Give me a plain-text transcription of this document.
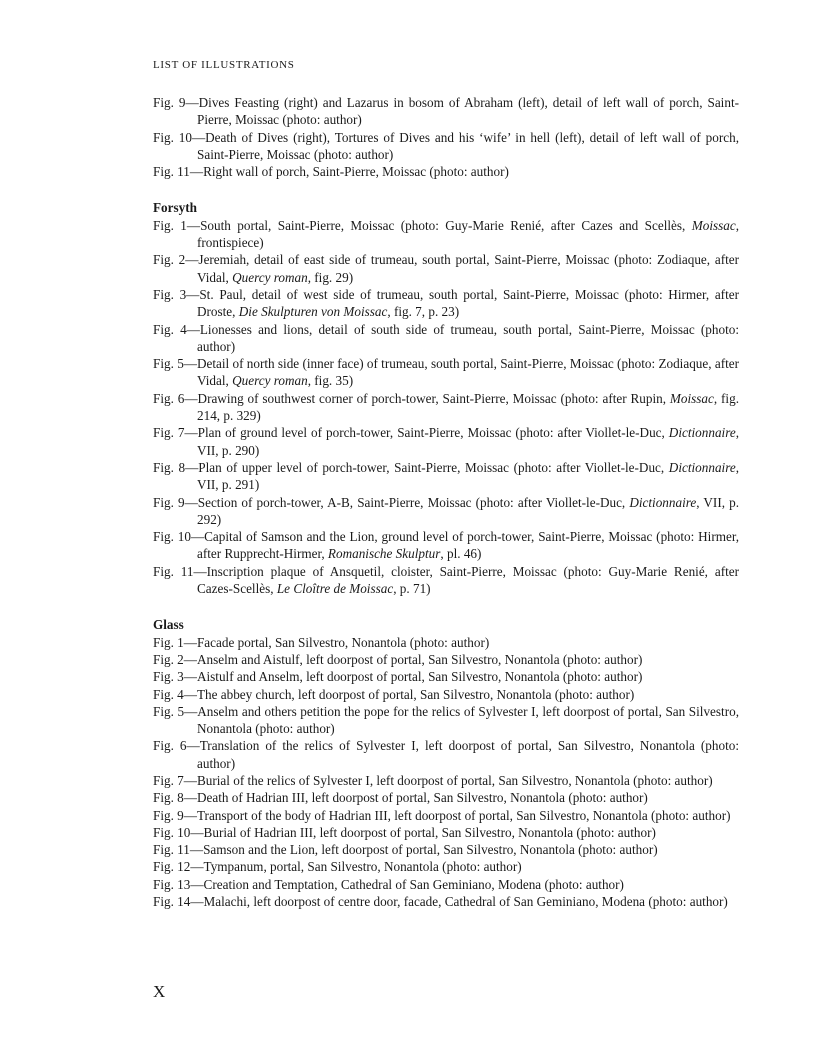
LIST OF ILLUSTRATIONS

Fig. 9—Dives Feasting (right) and Lazarus in bosom of Abraham (left), detail of left wall of porch, Saint-Pierre, Moissac (photo: author)

Fig. 10—Death of Dives (right), Tortures of Dives and his ‘wife’ in hell (left), detail of left wall of porch, Saint-Pierre, Moissac (photo: author)

Fig. 11—Right wall of porch, Saint-Pierre, Moissac (photo: author)

Forsyth

Fig. 1—South portal, Saint-Pierre, Moissac (photo: Guy-Marie Renié, after Cazes and Scellès, Moissac, frontispiece)

Fig. 2—Jeremiah, detail of east side of trumeau, south portal, Saint-Pierre, Moissac (photo: Zodiaque, after Vidal, Quercy roman, fig. 29)

Fig. 3—St. Paul, detail of west side of trumeau, south portal, Saint-Pierre, Moissac (photo: Hirmer, after Droste, Die Skulpturen von Moissac, fig. 7, p. 23)

Fig. 4—Lionesses and lions, detail of south side of trumeau, south portal, Saint-Pierre, Moissac (photo: author)

Fig. 5—Detail of north side (inner face) of trumeau, south portal, Saint-Pierre, Moissac (photo: Zodiaque, after Vidal, Quercy roman, fig. 35)

Fig. 6—Drawing of southwest corner of porch-tower, Saint-Pierre, Moissac (photo: after Rupin, Moissac, fig. 214, p. 329)

Fig. 7—Plan of ground level of porch-tower, Saint-Pierre, Moissac (photo: after Viollet-le-Duc, Dictionnaire, VII, p. 290)

Fig. 8—Plan of upper level of porch-tower, Saint-Pierre, Moissac (photo: after Viollet-le-Duc, Dictionnaire, VII, p. 291)

Fig. 9—Section of porch-tower, A-B, Saint-Pierre, Moissac (photo: after Viollet-le-Duc, Dictionnaire, VII, p. 292)

Fig. 10—Capital of Samson and the Lion, ground level of porch-tower, Saint-Pierre, Moissac (photo: Hirmer, after Rupprecht-Hirmer, Romanische Skulptur, pl. 46)

Fig. 11—Inscription plaque of Ansquetil, cloister, Saint-Pierre, Moissac (photo: Guy-Marie Renié, after Cazes-Scellès, Le Cloître de Moissac, p. 71)

Glass

Fig. 1—Facade portal, San Silvestro, Nonantola (photo: author)

Fig. 2—Anselm and Aistulf, left doorpost of portal, San Silvestro, Nonantola (photo: author)

Fig. 3—Aistulf and Anselm, left doorpost of portal, San Silvestro, Nonantola (photo: author)

Fig. 4—The abbey church, left doorpost of portal, San Silvestro, Nonantola (photo: author)

Fig. 5—Anselm and others petition the pope for the relics of Sylvester I, left doorpost of portal, San Silvestro, Nonantola (photo: author)

Fig. 6—Translation of the relics of Sylvester I, left doorpost of portal, San Silvestro, Nonantola (photo: author)

Fig. 7—Burial of the relics of Sylvester I, left doorpost of portal, San Silvestro, Nonantola (photo: author)

Fig. 8—Death of Hadrian III, left doorpost of portal, San Silvestro, Nonantola (photo: author)

Fig. 9—Transport of the body of Hadrian III, left doorpost of portal, San Silvestro, Nonantola (photo: author)

Fig. 10—Burial of Hadrian III, left doorpost of portal, San Silvestro, Nonantola (photo: author)

Fig. 11—Samson and the Lion, left doorpost of portal, San Silvestro, Nonantola (photo: author)

Fig. 12—Tympanum, portal, San Silvestro, Nonantola (photo: author)

Fig. 13—Creation and Temptation, Cathedral of San Geminiano, Modena (photo: author)

Fig. 14—Malachi, left doorpost of centre door, facade, Cathedral of San Geminiano, Modena (photo: author)

X
